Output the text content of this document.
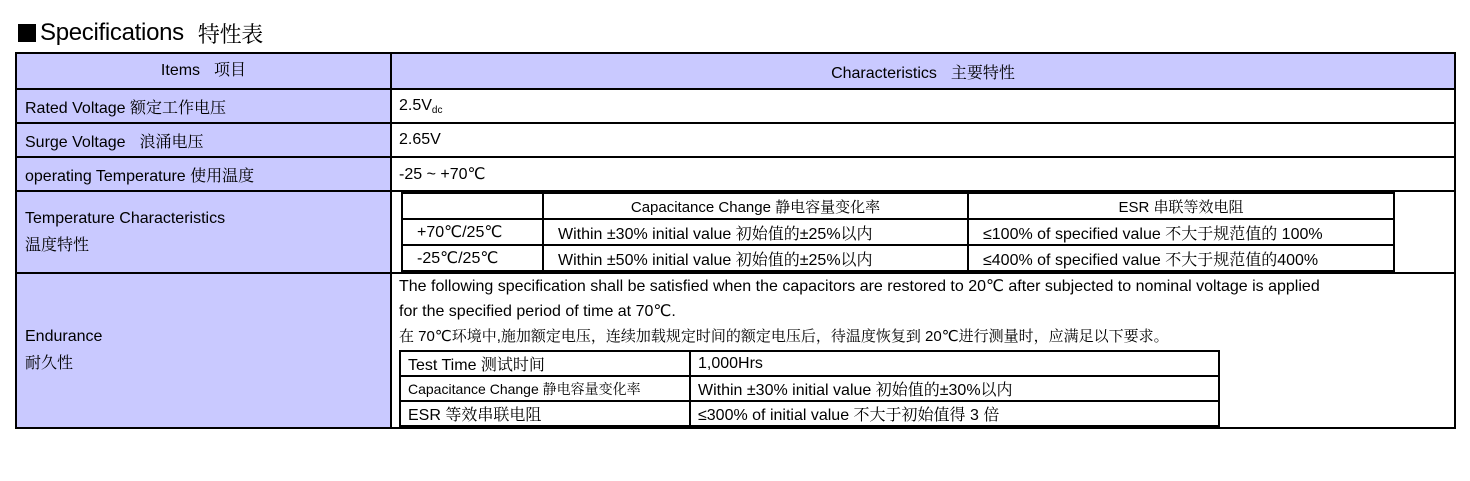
Specifications 特性表
Items 项目	Characteristics 主要特性
Rated Voltage 额定工作电压	$2.5V_{dc}$
Surge Voltage 浪涌电压	2.65V
operating Temperature 使用温度	-25 ~ +70℃

Temperature Characteristics
温度特性

	Capacitance Change 静电容量变化率	ESR 串联等效电阻
+70℃/25℃	Within ±30% initial value 初始值的±25%以内	≤100% of specified value 不大于规范值的 100%
-25℃/25℃	Within ±50% initial value 初始值的±25%以内	≤400% of specified value 不大于规范值的400%

Endurance
耐久性

The following specification shall be satisfied when the capacitors are restored to 20℃ after subjected to nominal voltage is applied
for the specified period of time at 70℃.
在 70℃环境中,施加额定电压，连续加载规定时间的额定电压后，待温度恢复到 20℃进行测量时，应满足以下要求。
Test Time 测试时间	1,000Hrs
Capacitance Change 静电容量变化率	Within ±30% initial value 初始值的±30%以内
ESR 等效串联电阻	≤300% of initial value 不大于初始值得 3 倍
